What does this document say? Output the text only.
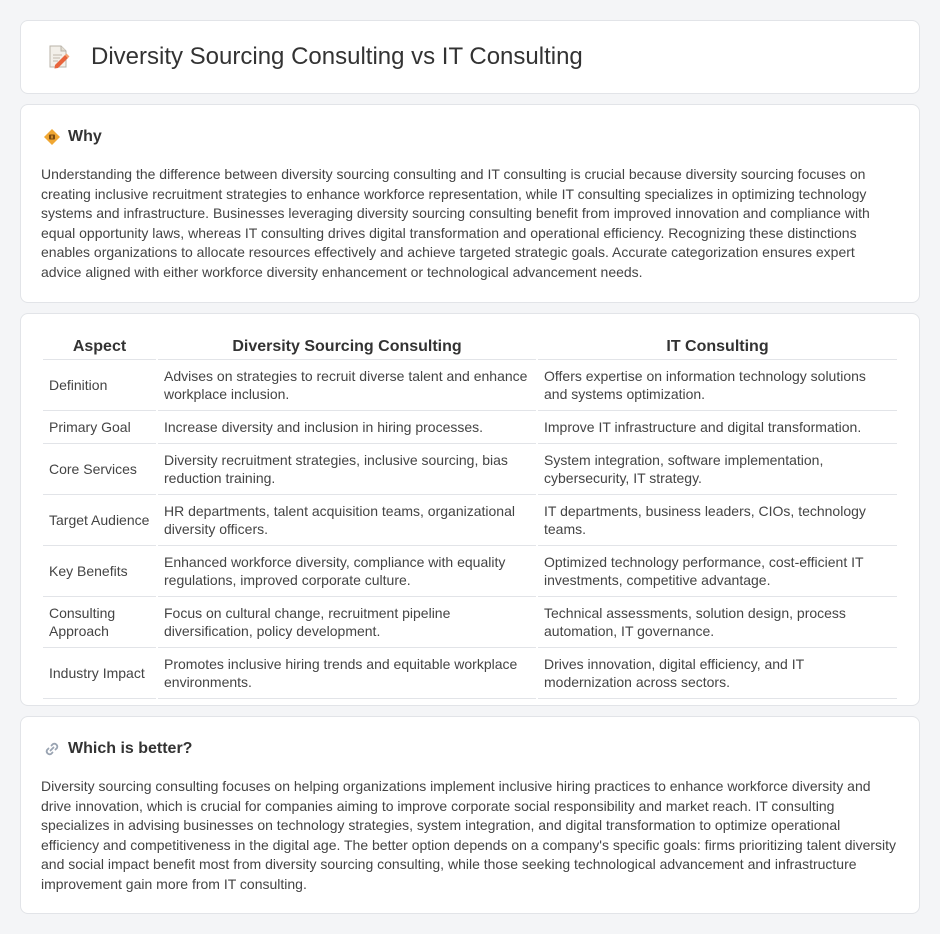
Diversity Sourcing Consulting vs IT Consulting
Why

Understanding the difference between diversity sourcing consulting and IT consulting is crucial because diversity sourcing focuses on creating inclusive recruitment strategies to enhance workforce representation, while IT consulting specializes in optimizing technology systems and infrastructure. Businesses leveraging diversity sourcing consulting benefit from improved innovation and compliance with equal opportunity laws, whereas IT consulting drives digital transformation and operational efficiency. Recognizing these distinctions enables organizations to allocate resources effectively and achieve targeted strategic goals. Accurate categorization ensures expert advice aligned with either workforce diversity enhancement or technological advancement needs.

Aspect	Diversity Sourcing Consulting	IT Consulting
Definition	Advises on strategies to recruit diverse talent and enhance workplace inclusion.	Offers expertise on information technology solutions and systems optimization.
Primary Goal	Increase diversity and inclusion in hiring processes.	Improve IT infrastructure and digital transformation.
Core Services	Diversity recruitment strategies, inclusive sourcing, bias reduction training.	System integration, software implementation, cybersecurity, IT strategy.
Target Audience	HR departments, talent acquisition teams, organizational diversity officers.	IT departments, business leaders, CIOs, technology teams.
Key Benefits	Enhanced workforce diversity, compliance with equality regulations, improved corporate culture.	Optimized technology performance, cost-efficient IT investments, competitive advantage.
Consulting Approach	Focus on cultural change, recruitment pipeline diversification, policy development.	Technical assessments, solution design, process automation, IT governance.
Industry Impact	Promotes inclusive hiring trends and equitable workplace environments.	Drives innovation, digital efficiency, and IT modernization across sectors.
Which is better?

Diversity sourcing consulting focuses on helping organizations implement inclusive hiring practices to enhance workforce diversity and drive innovation, which is crucial for companies aiming to improve corporate social responsibility and market reach. IT consulting specializes in advising businesses on technology strategies, system integration, and digital transformation to optimize operational efficiency and competitiveness in the digital age. The better option depends on a company's specific goals: firms prioritizing talent diversity and social impact benefit most from diversity sourcing consulting, while those seeking technological advancement and infrastructure improvement gain more from IT consulting.
